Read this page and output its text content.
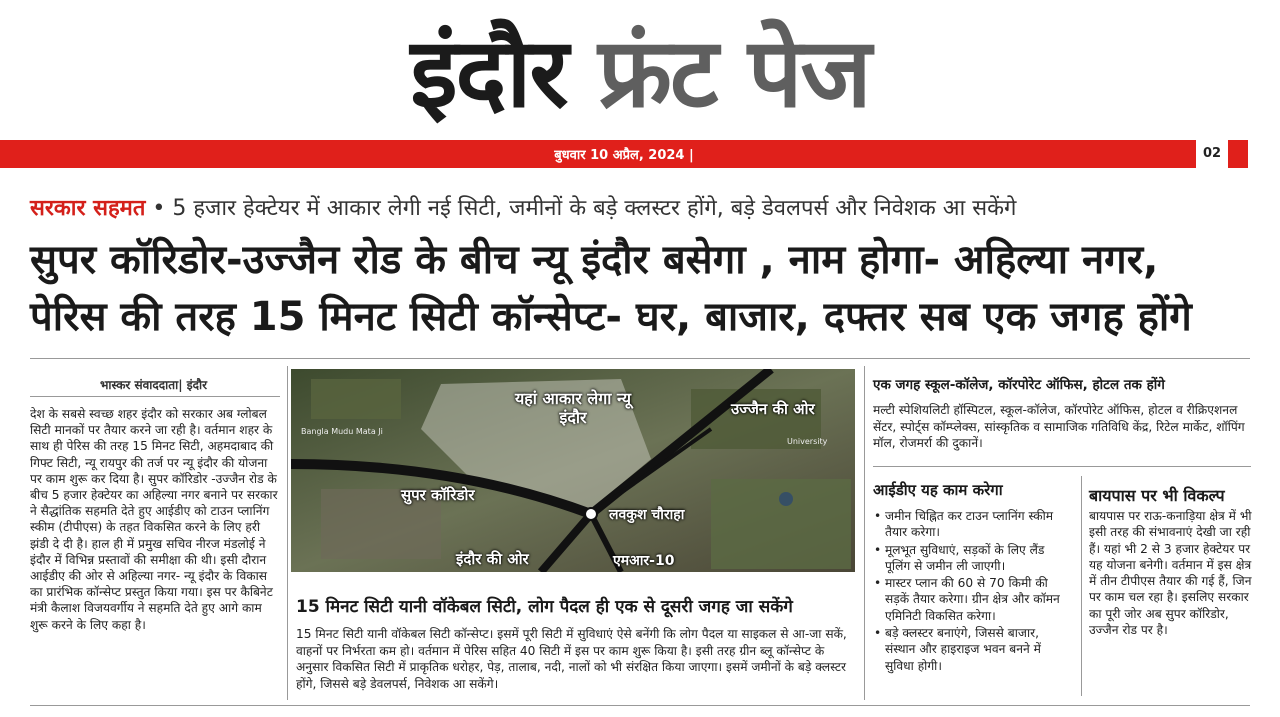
इंदौर फ्रंट पेज
बुधवार 10 अप्रैल, 2024 |	02
सरकार सहमत • 5 हजार हेक्टेयर में आकार लेगी नई सिटी, जमीनों के बड़े क्लस्टर होंगे, बड़े डेवलपर्स और निवेशक आ सकेंगे
सुपर कॉरिडोर-उज्जैन रोड के बीच न्यू इंदौर बसेगा , नाम होगा- अहिल्या नगर,
पेरिस की तरह 15 मिनट सिटी कॉन्सेप्ट- घर, बाजार, दफ्तर सब एक जगह होंगे
भास्कर संवाददाता| इंदौर
देश के सबसे स्वच्छ शहर इंदौर को सरकार अब ग्लोबल सिटी मानकों पर तैयार करने जा रही है। वर्तमान शहर के साथ ही पेरिस की तरह 15 मिनट सिटी, अहमदाबाद की गिफ्ट सिटी, न्यू रायपुर की तर्ज पर न्यू इंदौर की योजना पर काम शुरू कर दिया है। सुपर कॉरिडोर -उज्जैन रोड के बीच 5 हजार हेक्टेयर का अहिल्या नगर बनाने पर सरकार ने सैद्धांतिक सहमति देते हुए आईडीए को टाउन प्लानिंग स्कीम (टीपीएस) के तहत विकसित करने के लिए हरी झंडी दे दी है। हाल ही में प्रमुख सचिव नीरज मंडलोई ने इंदौर में विभिन्न प्रस्तावों की समीक्षा की थी। इसी दौरान आईडीए की ओर से अहिल्या नगर- न्यू इंदौर के विकास का प्रारंभिक कॉन्सेप्ट प्रस्तुत किया गया। इस पर कैबिनेट मंत्री कैलाश विजयवर्गीय ने सहमति देते हुए आगे काम शुरू करने के लिए कहा है।
यहां आकार लेगा न्यू इंदौर	उज्जैन की ओर
सुपर कॉरिडोर
लवकुश चौराहा
इंदौर की ओर	एमआर-10
Bangla Mudu Mata Ji
University
15 मिनट सिटी यानी वॉकेबल सिटी, लोग पैदल ही एक से दूसरी जगह जा सकेंगे
15 मिनट सिटी यानी वॉकेबल सिटी कॉन्सेप्ट। इसमें पूरी सिटी में सुविधाएं ऐसे बनेंगी कि लोग पैदल या साइकल से आ-जा सकें, वाहनों पर निर्भरता कम हो। वर्तमान में पेरिस सहित 40 सिटी में इस पर काम शुरू किया है। इसी तरह ग्रीन ब्लू कॉन्सेप्ट के अनुसार विकसित सिटी में प्राकृतिक धरोहर, पेड़, तालाब, नदी, नालों को भी संरक्षित किया जाएगा। इसमें जमीनों के बड़े क्लस्टर होंगे, जिससे बड़े डेवलपर्स, निवेशक आ सकेंगे।
एक जगह स्कूल-कॉलेज, कॉरपोरेट ऑफिस, होटल तक होंगे
मल्टी स्पेशियलिटी हॉस्पिटल, स्कूल-कॉलेज, कॉरपोरेट ऑफिस, होटल व रीक्रिएशनल सेंटर, स्पोर्ट्स कॉम्प्लेक्स, सांस्कृतिक व सामाजिक गतिविधि केंद्र, रिटेल मार्केट, शॉपिंग मॉल, रोजमर्रा की दुकानें।
आईडीए यह काम करेगा
• जमीन चिह्नित कर टाउन प्लानिंग स्कीम तैयार करेगा।
• मूलभूत सुविधाएं, सड़कों के लिए लैंड पूलिंग से जमीन ली जाएगी।
• मास्टर प्लान की 60 से 70 किमी की सड़कें तैयार करेगा। ग्रीन क्षेत्र और कॉमन एमिनिटी विकसित करेगा।
• बड़े क्लस्टर बनाएंगे, जिससे बाजार, संस्थान और हाइराइज भवन बनने में सुविधा होगी।
बायपास पर भी विकल्प
बायपास पर राऊ-कनाड़िया क्षेत्र में भी इसी तरह की संभावनाएं देखी जा रही हैं। यहां भी 2 से 3 हजार हेक्टेयर पर यह योजना बनेगी। वर्तमान में इस क्षेत्र में तीन टीपीएस तैयार की गई हैं, जिन पर काम चल रहा है। इसलिए सरकार का पूरी जोर अब सुपर कॉरिडोर, उज्जैन रोड पर है।
